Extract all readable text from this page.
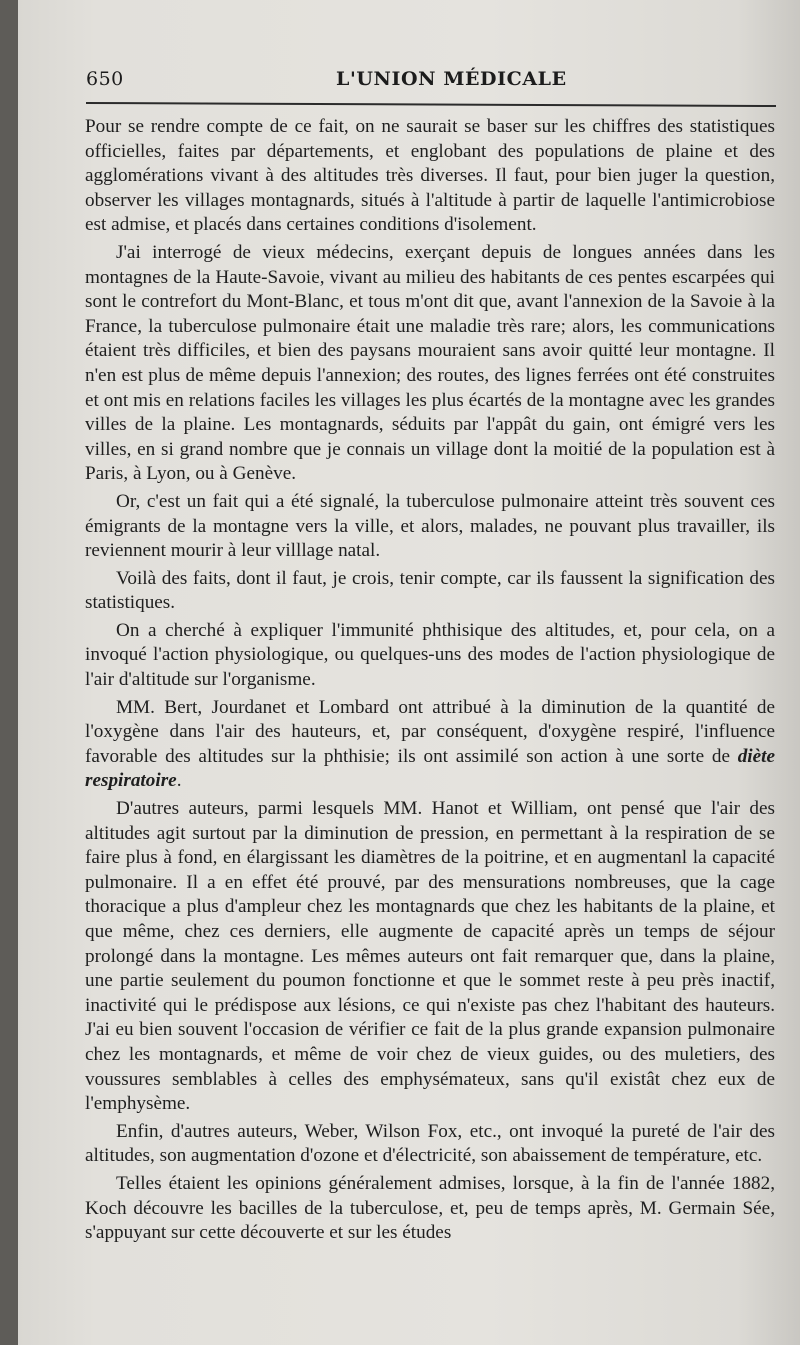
650	L'UNION MÉDICALE

Pour se rendre compte de ce fait, on ne saurait se baser sur les chiffres des statistiques officielles, faites par départements, et englobant des populations de plaine et des agglomérations vivant à des altitudes très diverses. Il faut, pour bien juger la question, observer les villages montagnards, situés à l'altitude à partir de laquelle l'antimicrobiose est admise, et placés dans certaines conditions d'isolement.

J'ai interrogé de vieux médecins, exerçant depuis de longues années dans les montagnes de la Haute-Savoie, vivant au milieu des habitants de ces pentes escarpées qui sont le contrefort du Mont-Blanc, et tous m'ont dit que, avant l'annexion de la Savoie à la France, la tuberculose pulmonaire était une maladie très rare; alors, les communications étaient très difficiles, et bien des paysans mouraient sans avoir quitté leur montagne. Il n'en est plus de même depuis l'annexion; des routes, des lignes ferrées ont été construites et ont mis en relations faciles les villages les plus écartés de la montagne avec les grandes villes de la plaine. Les montagnards, séduits par l'appât du gain, ont émigré vers les villes, en si grand nombre que je connais un village dont la moitié de la population est à Paris, à Lyon, ou à Genève.

Or, c'est un fait qui a été signalé, la tuberculose pulmonaire atteint très souvent ces émigrants de la montagne vers la ville, et alors, malades, ne pouvant plus travailler, ils reviennent mourir à leur villlage natal.

Voilà des faits, dont il faut, je crois, tenir compte, car ils faussent la signification des statistiques.

On a cherché à expliquer l'immunité phthisique des altitudes, et, pour cela, on a invoqué l'action physiologique, ou quelques-uns des modes de l'action physiologique de l'air d'altitude sur l'organisme.

MM. Bert, Jourdanet et Lombard ont attribué à la diminution de la quantité de l'oxygène dans l'air des hauteurs, et, par conséquent, d'oxygène respiré, l'influence favorable des altitudes sur la phthisie; ils ont assimilé son action à une sorte de diète respiratoire.

D'autres auteurs, parmi lesquels MM. Hanot et William, ont pensé que l'air des altitudes agit surtout par la diminution de pression, en permettant à la respiration de se faire plus à fond, en élargissant les diamètres de la poitrine, et en augmentanl la capacité pulmonaire. Il a en effet été prouvé, par des mensurations nombreuses, que la cage thoracique a plus d'ampleur chez les montagnards que chez les habitants de la plaine, et que même, chez ces derniers, elle augmente de capacité après un temps de séjour prolongé dans la montagne. Les mêmes auteurs ont fait remarquer que, dans la plaine, une partie seulement du poumon fonctionne et que le sommet reste à peu près inactif, inactivité qui le prédispose aux lésions, ce qui n'existe pas chez l'habitant des hauteurs. J'ai eu bien souvent l'occasion de vérifier ce fait de la plus grande expansion pulmonaire chez les montagnards, et même de voir chez de vieux guides, ou des muletiers, des voussures semblables à celles des emphysémateux, sans qu'il existât chez eux de l'emphysème.

Enfin, d'autres auteurs, Weber, Wilson Fox, etc., ont invoqué la pureté de l'air des altitudes, son augmentation d'ozone et d'électricité, son abaissement de température, etc.

Telles étaient les opinions généralement admises, lorsque, à la fin de l'année 1882, Koch découvre les bacilles de la tuberculose, et, peu de temps après, M. Germain Sée, s'appuyant sur cette découverte et sur les études
